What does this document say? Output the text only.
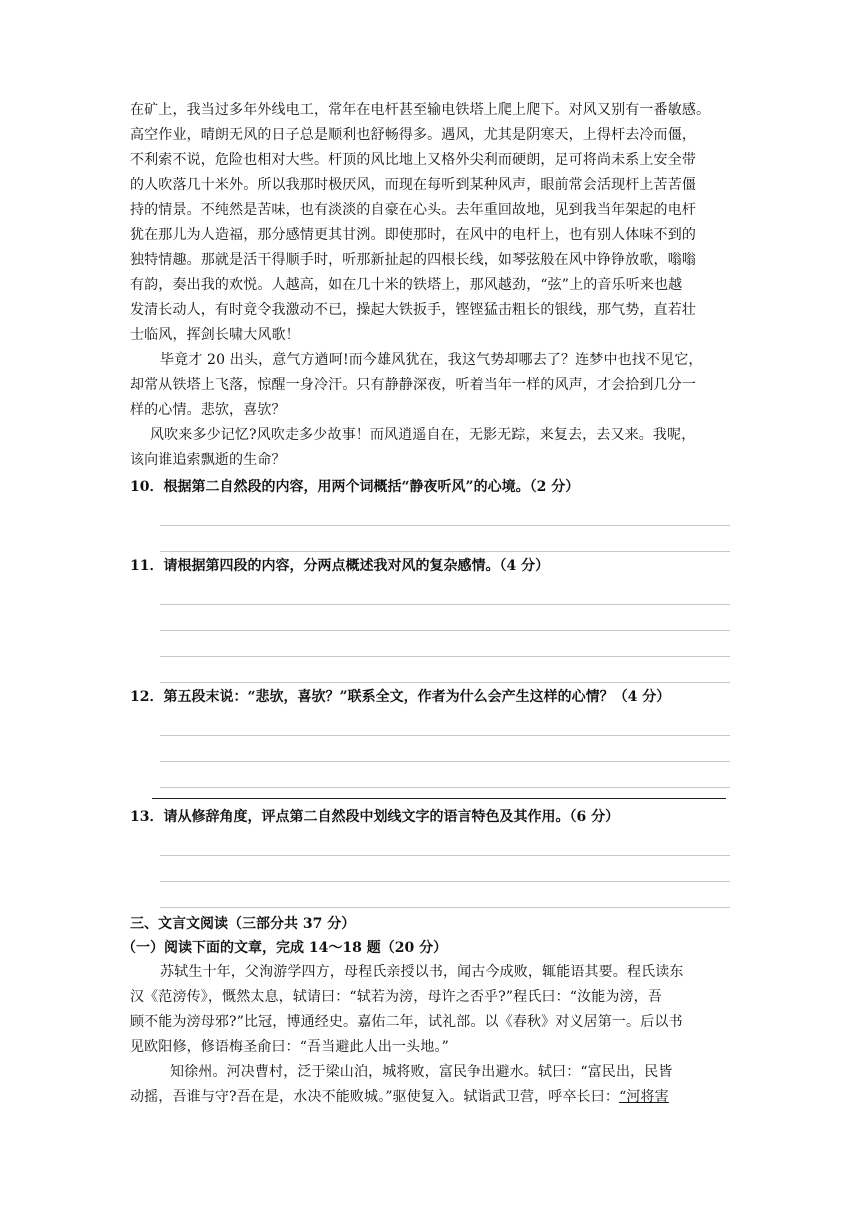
在矿上，我当过多年外线电工，常年在电杆甚至输电铁塔上爬上爬下。对风又别有一番敏感。
高空作业，晴朗无风的日子总是顺利也舒畅得多。遇风，尤其是阴寒天，上得杆去冷而僵，
不利索不说，危险也相对大些。杆顶的风比地上又格外尖利而硬朗，足可将尚未系上安全带
的人吹落几十米外。所以我那时极厌风，而现在每听到某种风声，眼前常会活现杆上苦苦僵
持的情景。不纯然是苦味，也有淡淡的自豪在心头。去年重回故地，见到我当年架起的电杆
犹在那儿为人造福，那分感情更其甘洌。即使那时，在风中的电杆上，也有别人体味不到的
独特情趣。那就是活干得顺手时，听那新扯起的四根长线，如琴弦般在风中铮铮放歌，嗡嗡
有韵，奏出我的欢悦。人越高，如在几十米的铁塔上，那风越劲，“弦”上的音乐听来也越
发清长动人，有时竟令我激动不已，操起大铁扳手，铿铿猛击粗长的银线，那气势，直若壮
士临风，挥剑长啸大风歌！
毕竟才 20 出头，意气方遒呵!而今雄风犹在，我这气势却哪去了？连梦中也找不见它，
却常从铁塔上飞落，惊醒一身冷汗。只有静静深夜，听着当年一样的风声，才会拾到几分一
样的心情。悲欤，喜欤？
风吹来多少记忆?风吹走多少故事！而风逍遥自在，无影无踪，来复去，去又来。我呢，
该向谁追索飘逝的生命？
10．根据第二自然段的内容，用两个词概括“静夜听风”的心境。（2 分）
11．请根据第四段的内容，分两点概述我对风的复杂感情。（4 分）
12．第五段末说：“悲欤，喜欤？”联系全文，作者为什么会产生这样的心情？（4 分）
13．请从修辞角度，评点第二自然段中划线文字的语言特色及其作用。（6 分）
三、文言文阅读（三部分共 37 分）
（一）阅读下面的文章，完成 14～18 题（20 分）
苏轼生十年，父洵游学四方，母程氏亲授以书，闻古今成败，辄能语其要。程氏读东
汉《范滂传》，慨然太息，轼请曰：“轼若为滂，母许之否乎?”程氏曰：“汝能为滂，吾
顾不能为滂母邪?”比冠，博通经史。嘉佑二年，试礼部。以《春秋》对义居第一。后以书
见欧阳修，修语梅圣俞曰：“吾当避此人出一头地。”
知徐州。河决曹村，泛于梁山泊，城将败，富民争出避水。轼曰：“富民出，民皆
动摇，吾谁与守?吾在是，水决不能败城。”驱使复入。轼诣武卫营，呼卒长曰：“河将害
